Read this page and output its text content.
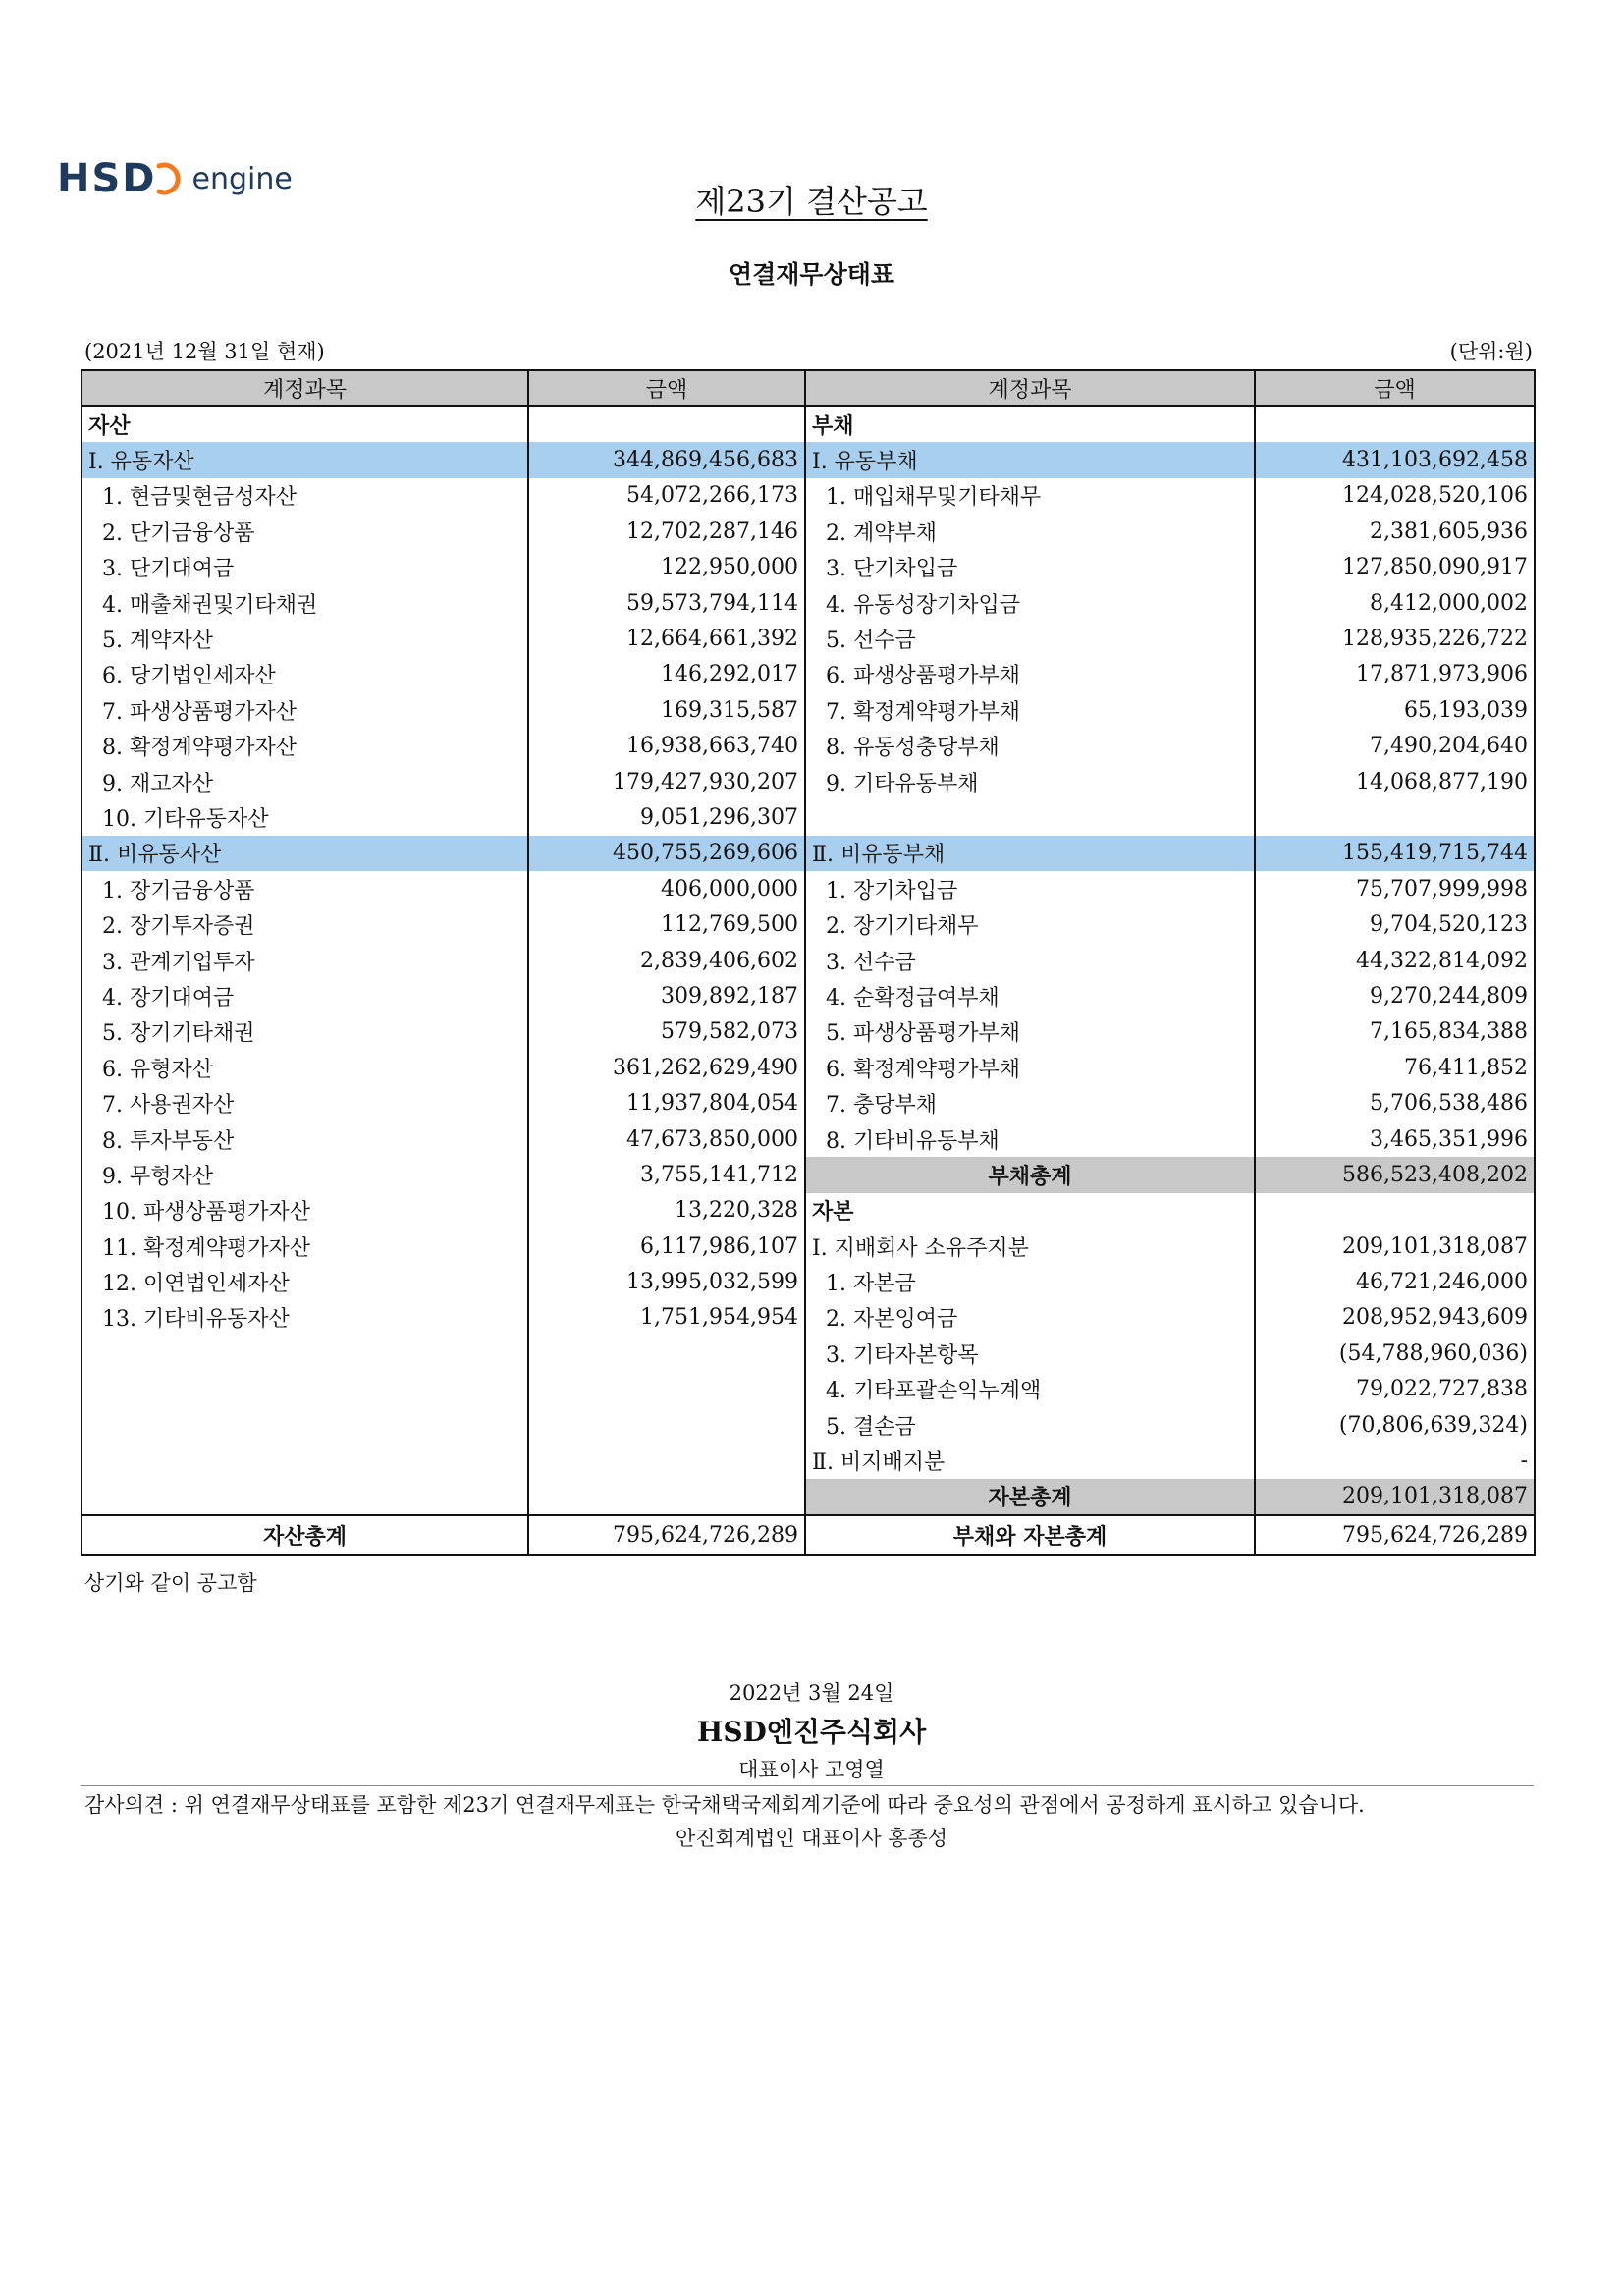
HSD engine
제23기 결산공고
연결재무상태표
(2021년 12월 31일 현재)	(단위:원)
계정과목	금액	계정과목	금액
자산		부채	
Ⅰ. 유동자산	344,869,456,683	Ⅰ. 유동부채	431,103,692,458
1. 현금및현금성자산	54,072,266,173	1. 매입채무및기타채무	124,028,520,106
2. 단기금융상품	12,702,287,146	2. 계약부채	2,381,605,936
3. 단기대여금	122,950,000	3. 단기차입금	127,850,090,917
4. 매출채권및기타채권	59,573,794,114	4. 유동성장기차입금	8,412,000,002
5. 계약자산	12,664,661,392	5. 선수금	128,935,226,722
6. 당기법인세자산	146,292,017	6. 파생상품평가부채	17,871,973,906
7. 파생상품평가자산	169,315,587	7. 확정계약평가부채	65,193,039
8. 확정계약평가자산	16,938,663,740	8. 유동성충당부채	7,490,204,640
9. 재고자산	179,427,930,207	9. 기타유동부채	14,068,877,190
10. 기타유동자산	9,051,296,307		
Ⅱ. 비유동자산	450,755,269,606	Ⅱ. 비유동부채	155,419,715,744
1. 장기금융상품	406,000,000	1. 장기차입금	75,707,999,998
2. 장기투자증권	112,769,500	2. 장기기타채무	9,704,520,123
3. 관계기업투자	2,839,406,602	3. 선수금	44,322,814,092
4. 장기대여금	309,892,187	4. 순확정급여부채	9,270,244,809
5. 장기기타채권	579,582,073	5. 파생상품평가부채	7,165,834,388
6. 유형자산	361,262,629,490	6. 확정계약평가부채	76,411,852
7. 사용권자산	11,937,804,054	7. 충당부채	5,706,538,486
8. 투자부동산	47,673,850,000	8. 기타비유동부채	3,465,351,996
9. 무형자산	3,755,141,712	부채총계	586,523,408,202
10. 파생상품평가자산	13,220,328	자본	
11. 확정계약평가자산	6,117,986,107	Ⅰ. 지배회사 소유주지분	209,101,318,087
12. 이연법인세자산	13,995,032,599	1. 자본금	46,721,246,000
13. 기타비유동자산	1,751,954,954	2. 자본잉여금	208,952,943,609
		3. 기타자본항목	(54,788,960,036)
		4. 기타포괄손익누계액	79,022,727,838
		5. 결손금	(70,806,639,324)
		Ⅱ. 비지배지분	-
		자본총계	209,101,318,087
자산총계	795,624,726,289	부채와 자본총계	795,624,726,289
상기와 같이 공고함
2022년 3월 24일
HSD엔진주식회사
대표이사 고영열
감사의견 : 위 연결재무상태표를 포함한 제23기 연결재무제표는 한국채택국제회계기준에 따라 중요성의 관점에서 공정하게 표시하고 있습니다.
안진회계법인 대표이사 홍종성
